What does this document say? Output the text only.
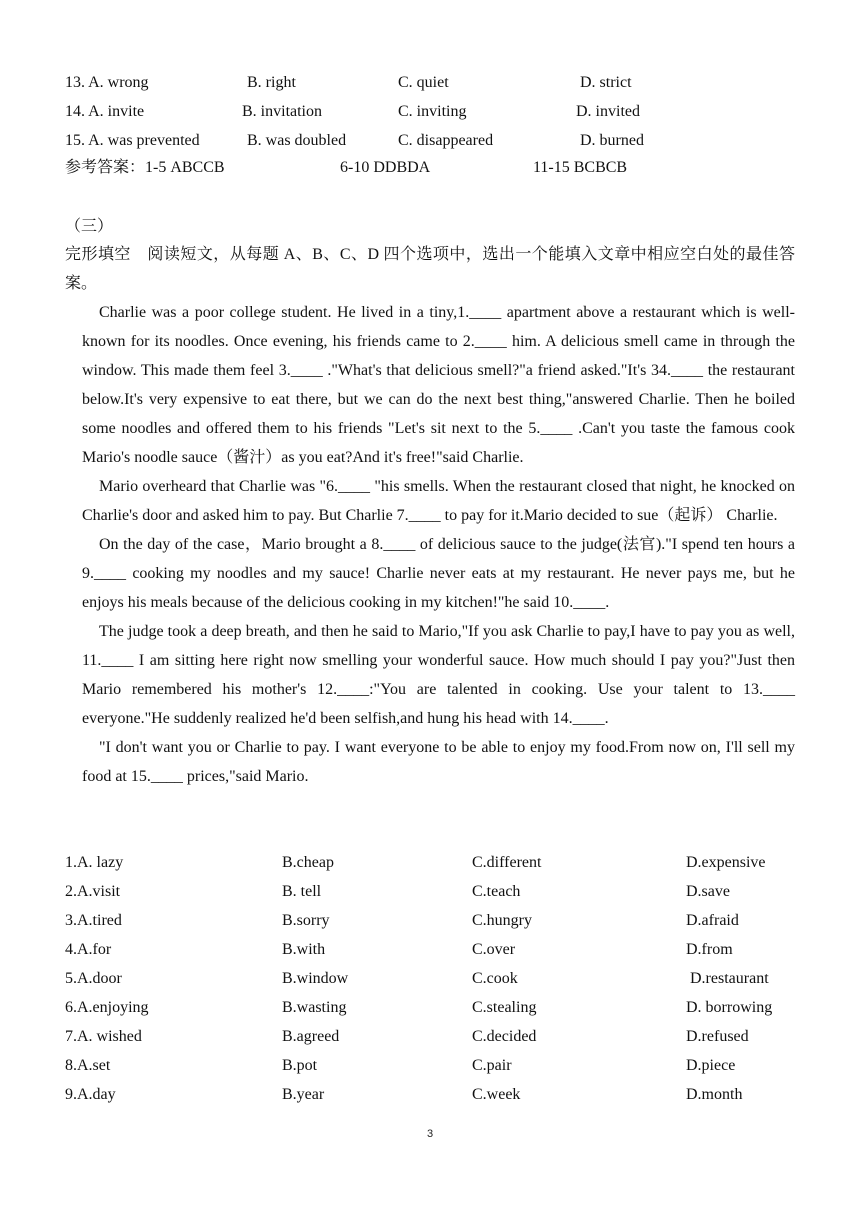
13. A. wrong	B. right	C. quiet	D. strict
14. A. invite	B. invitation	C. inviting	D. invited
15. A. was prevented	B. was doubled	C. disappeared	D. burned
参考答案：1-5 ABCCB	6-10 DDBDA	11-15 BCBCB
（三）
完形填空　阅读短文，从每题 A、B、C、D 四个选项中，选出一个能填入文章中相应空白处的最佳答案。

Charlie was a poor college student. He lived in a tiny,1.____ apartment above a restaurant which is well-known for its noodles. Once evening, his friends came to 2.____ him. A delicious smell came in through the window. This made them feel 3.____ ."What's that delicious smell?"a friend asked."It's 34.____ the restaurant below.It's very expensive to eat there, but we can do the next best thing,"answered Charlie. Then he boiled some noodles and offered them to his friends "Let's sit next to the 5.____ .Can't you taste the famous cook Mario's noodle sauce（酱汁）as you eat?And it's free!"said Charlie.

Mario overheard that Charlie was "6.____ "his smells. When the restaurant closed that night, he knocked on Charlie's door and asked him to pay. But Charlie 7.____ to pay for it.Mario decided to sue（起诉） Charlie.

On the day of the case，Mario brought a 8.____ of delicious sauce to the judge(法官)."I spend ten hours a 9.____ cooking my noodles and my sauce! Charlie never eats at my restaurant. He never pays me, but he enjoys his meals because of the delicious cooking in my kitchen!"he said 10.____.

The judge took a deep breath, and then he said to Mario,"If you ask Charlie to pay,I have to pay you as well, 11.____ I am sitting here right now smelling your wonderful sauce. How much should I pay you?"Just then Mario remembered his mother's 12.____:"You are talented in cooking. Use your talent to 13.____ everyone."He suddenly realized he'd been selfish,and hung his head with 14.____.

"I don't want you or Charlie to pay. I want everyone to be able to enjoy my food.From now on, I'll sell my food at 15.____ prices,"said Mario.

1.A. lazy	B.cheap	C.different	D.expensive
2.A.visit	B. tell	C.teach	D.save
3.A.tired	B.sorry	C.hungry	D.afraid
4.A.for	B.with	C.over	D.from
5.A.door	B.window	C.cook	D.restaurant
6.A.enjoying	B.wasting	C.stealing	D. borrowing
7.A. wished	B.agreed	C.decided	D.refused
8.A.set	B.pot	C.pair	D.piece
9.A.day	B.year	C.week	D.month
3
